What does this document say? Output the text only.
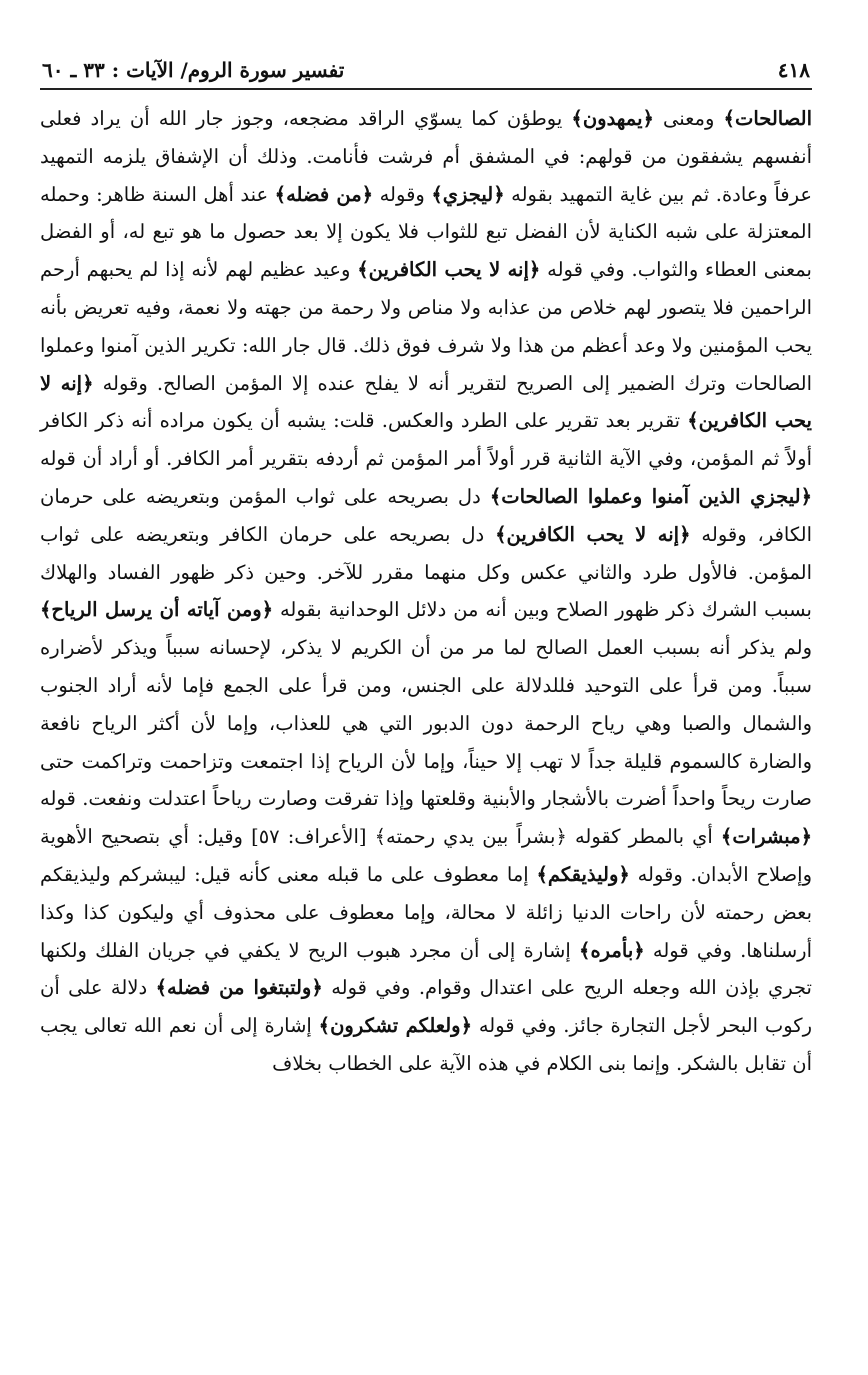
٤١٨
تفسير سورة الروم/ الآيات : ٣٣ ـ ٦٠

الصالحات﴾ ومعنى ﴿يمهدون﴾ يوطؤن كما يسوّي الراقد مضجعه، وجوز جار الله أن يراد فعلى أنفسهم يشفقون من قولهم: في المشفق أم فرشت فأنامت. وذلك أن الإشفاق يلزمه التمهيد عرفاً وعادة. ثم بين غاية التمهيد بقوله ﴿ليجزي﴾ وقوله ﴿من فضله﴾ عند أهل السنة ظاهر: وحمله المعتزلة على شبه الكناية لأن الفضل تبع للثواب فلا يكون إلا بعد حصول ما هو تبع له، أو الفضل بمعنى العطاء والثواب. وفي قوله ﴿إنه لا يحب الكافرين﴾ وعيد عظيم لهم لأنه إذا لم يحبهم أرحم الراحمين فلا يتصور لهم خلاص من عذابه ولا مناص ولا رحمة من جهته ولا نعمة، وفيه تعريض بأنه يحب المؤمنين ولا وعد أعظم من هذا ولا شرف فوق ذلك. قال جار الله: تكرير الذين آمنوا وعملوا الصالحات وترك الضمير إلى الصريح لتقرير أنه لا يفلح عنده إلا المؤمن الصالح. وقوله ﴿إنه لا يحب الكافرين﴾ تقرير بعد تقرير على الطرد والعكس. قلت: يشبه أن يكون مراده أنه ذكر الكافر أولاً ثم المؤمن، وفي الآية الثانية قرر أولاً أمر المؤمن ثم أردفه بتقرير أمر الكافر. أو أراد أن قوله ﴿ليجزي الذين آمنوا وعملوا الصالحات﴾ دل بصريحه على ثواب المؤمن وبتعريضه على حرمان الكافر، وقوله ﴿إنه لا يحب الكافرين﴾ دل بصريحه على حرمان الكافر وبتعريضه على ثواب المؤمن. فالأول طرد والثاني عكس وكل منهما مقرر للآخر. وحين ذكر ظهور الفساد والهلاك بسبب الشرك ذكر ظهور الصلاح وبين أنه من دلائل الوحدانية بقوله ﴿ومن آياته أن يرسل الرياح﴾ ولم يذكر أنه بسبب العمل الصالح لما مر من أن الكريم لا يذكر، لإحسانه سبباً ويذكر لأضراره سبباً. ومن قرأ على التوحيد فللدلالة على الجنس، ومن قرأ على الجمع فإما لأنه أراد الجنوب والشمال والصبا وهي رياح الرحمة دون الدبور التي هي للعذاب، وإما لأن أكثر الرياح نافعة والضارة كالسموم قليلة جداً لا تهب إلا حيناً، وإما لأن الرياح إذا اجتمعت وتزاحمت وتراكمت حتى صارت ريحاً واحداً أضرت بالأشجار والأبنية وقلعتها وإذا تفرقت وصارت رياحاً اعتدلت ونفعت. قوله ﴿مبشرات﴾ أي بالمطر كقوله ﴿بشراً بين يدي رحمته﴾ [الأعراف: ٥٧] وقيل: أي بتصحيح الأهوية وإصلاح الأبدان. وقوله ﴿وليذيقكم﴾ إما معطوف على ما قبله معنى كأنه قيل: ليبشركم وليذيقكم بعض رحمته لأن راحات الدنيا زائلة لا محالة، وإما معطوف على محذوف أي وليكون كذا وكذا أرسلناها. وفي قوله ﴿بأمره﴾ إشارة إلى أن مجرد هبوب الريح لا يكفي في جريان الفلك ولكنها تجري بإذن الله وجعله الريح على اعتدال وقوام. وفي قوله ﴿ولتبتغوا من فضله﴾ دلالة على أن ركوب البحر لأجل التجارة جائز. وفي قوله ﴿ولعلكم تشكرون﴾ إشارة إلى أن نعم الله تعالى يجب أن تقابل بالشكر. وإنما بنى الكلام في هذه الآية على الخطاب بخلاف
